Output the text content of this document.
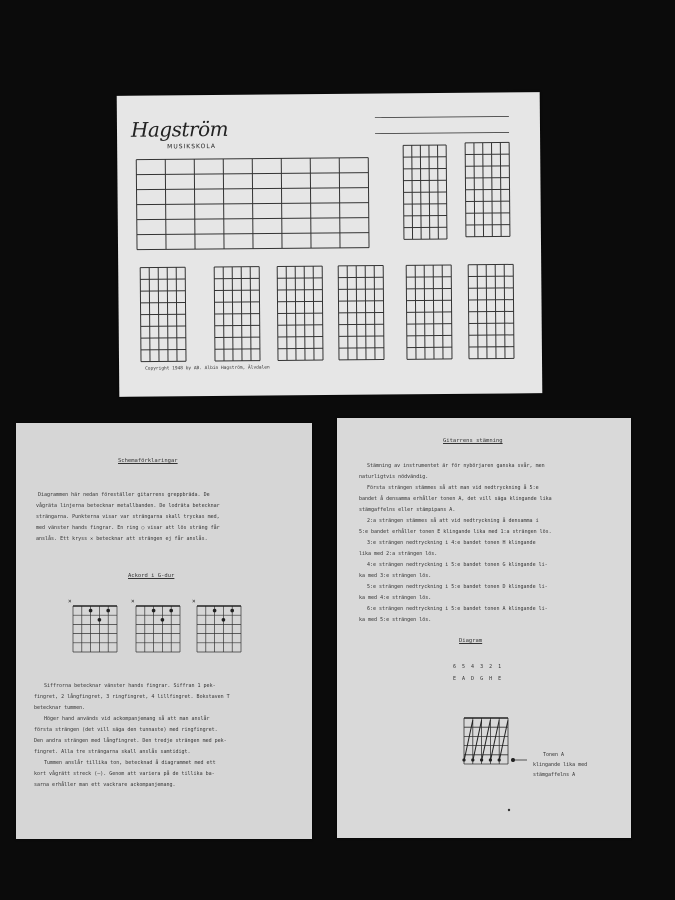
Hagström
MUSIKSKOLA
Copyright 1948 by AB. Albin Hagström, Älvdalen
Schemaförklaringar
Diagrammen här nedan föreställer gitarrens greppbräda. De
vågräta linjerna betecknar metallbanden. De lodräta betecknar
strängarna. Punkterna visar var strängarna skall tryckas med,
med vänster hands fingrar. En ring ○ visar att lös sträng får
anslås. Ett kryss ✕ betecknar att strängen ej får anslås.
Ackord i G-dur
×	×	×
Siffrorna betecknar vänster hands fingrar. Siffran 1 pek-
fingret, 2 långfingret, 3 ringfingret, 4 lillfingret. Bokstaven T
betecknar tummen.
Höger hand används vid ackompanjemang så att man anslår
första strängen (det vill säga den tunnaste) med ringfingret.
Den andra strängen med långfingret. Den tredje strängen med pek-
fingret. Alla tre strängarna skall anslås samtidigt.
Tummen anslår tillika ton, betecknad å diagrammet med ett
kort vågrätt streck (—). Genom att variera på de tillika ba-
sarna erhåller man ett vackrare ackompanjemang.
Gitarrens stämning
Stämning av instrumentet är för nybörjaren ganska svår, men
naturligtvis nödvändig.
Första strängen stämmes så att man vid nedtryckning å 5:e
bandet å densamma erhåller tonen A, det vill säga klingande lika
stämgaffelns eller stämpipans A.
2:a strängen stämmes så att vid nedtryckning å densamma i
5:e bandet erhåller tonen E klingande lika med 1:a strängen lös.
3:e strängen nedtryckning i 4:e bandet tonen H klingande
lika med 2:a strängen lös.
4:e strängen nedtryckning i 5:e bandet tonen G klingande li-
ka med 3:e strängen lös.
5:e strängen nedtryckning i 5:e bandet tonen D klingande li-
ka med 4:e strängen lös.
6:e strängen nedtryckning i 5:e bandet tonen A klingande li-
ka med 5:e strängen lös.
Diagram
6  5  4  3  2  1
E  A  D  G  H  E
Tonen A
klingande lika med
stämgaffelns A
